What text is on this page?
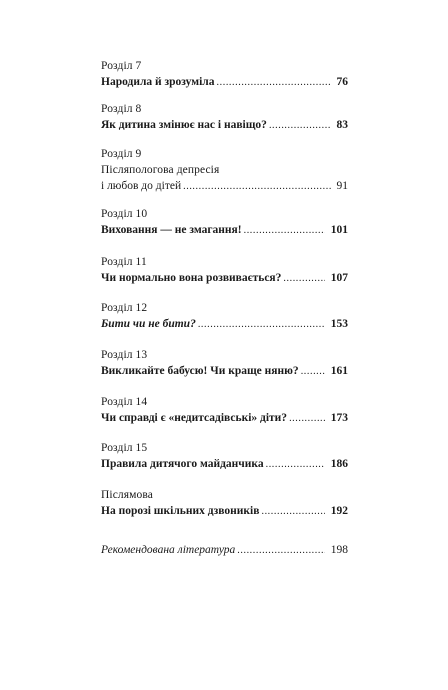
Розділ 7
Народила й зрозуміла .....	76
Розділ 8
Як дитина змінює нас і навіщо? .....	83
Розділ 9
Післяпологова депресія
і любов до дітей .....	91
Розділ 10
Виховання — не змагання! .....	101
Розділ 11
Чи нормально вона розвивається? .....	107
Розділ 12
Бити чи не бити? .....	153
Розділ 13
Викликайте бабусю! Чи краще няню? .....	161
Розділ 14
Чи справді є «недитсадівські» діти? .....	173
Розділ 15
Правила дитячого майданчика .....	186
Післямова
На порозі шкільних дзвоників .....	192
Рекомендована література .....	198
